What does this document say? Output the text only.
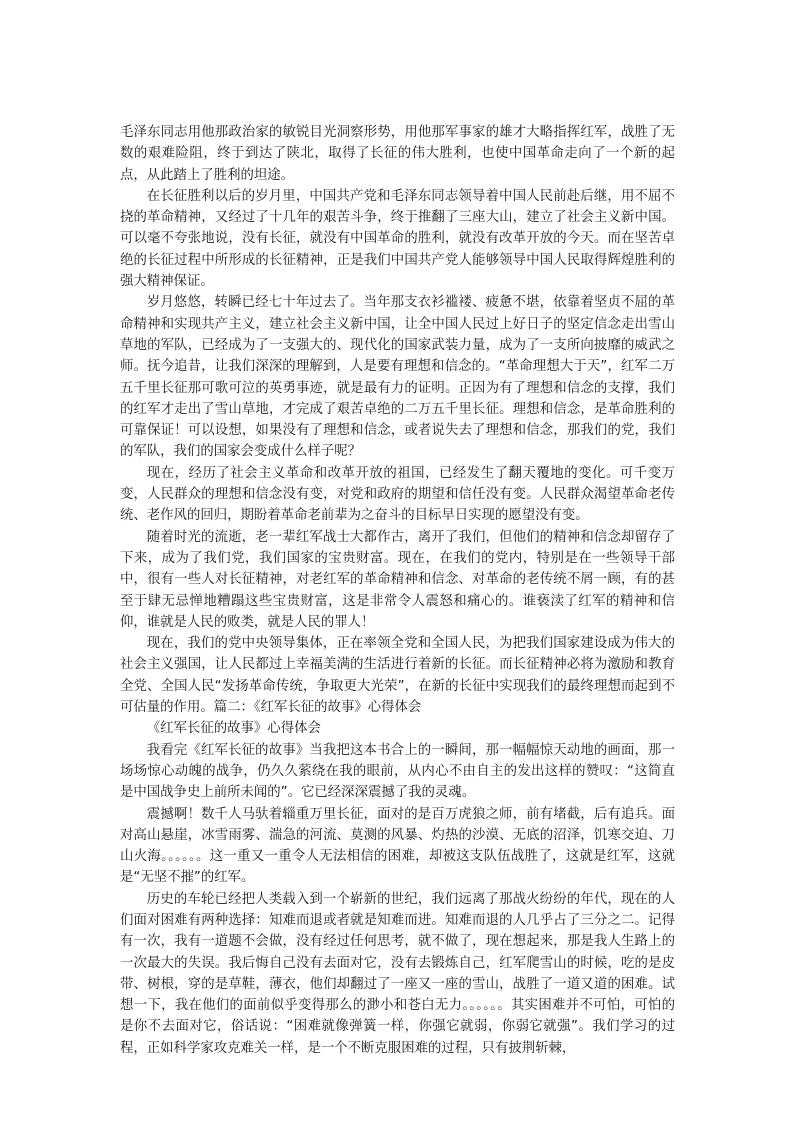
毛泽东同志用他那政治家的敏锐目光洞察形势，用他那军事家的雄才大略指挥红军，战胜了无数的艰难险阻，终于到达了陕北，取得了长征的伟大胜利，也使中国革命走向了一个新的起点，从此踏上了胜利的坦途。

在长征胜利以后的岁月里，中国共产党和毛泽东同志领导着中国人民前赴后继，用不屈不挠的革命精神，又经过了十几年的艰苦斗争，终于推翻了三座大山，建立了社会主义新中国。可以毫不夸张地说，没有长征，就没有中国革命的胜利，就没有改革开放的今天。而在坚苦卓绝的长征过程中所形成的长征精神，正是我们中国共产党人能够领导中国人民取得辉煌胜利的强大精神保证。

岁月悠悠，转瞬已经七十年过去了。当年那支衣衫褴褛、疲惫不堪，依靠着坚贞不屈的革命精神和实现共产主义，建立社会主义新中国，让全中国人民过上好日子的坚定信念走出雪山草地的军队，已经成为了一支强大的、现代化的国家武装力量，成为了一支所向披靡的威武之师。抚今追昔，让我们深深的理解到，人是要有理想和信念的。“革命理想大于天”，红军二万五千里长征那可歌可泣的英勇事迹，就是最有力的证明。正因为有了理想和信念的支撑，我们的红军才走出了雪山草地，才完成了艰苦卓绝的二万五千里长征。理想和信念，是革命胜利的可靠保证！可以设想，如果没有了理想和信念，或者说失去了理想和信念，那我们的党，我们的军队，我们的国家会变成什么样子呢？

现在，经历了社会主义革命和改革开放的祖国，已经发生了翻天覆地的变化。可千变万变，人民群众的理想和信念没有变，对党和政府的期望和信任没有变。人民群众渴望革命老传统、老作风的回归，期盼着革命老前辈为之奋斗的目标早日实现的愿望没有变。

随着时光的流逝，老一辈红军战士大都作古，离开了我们，但他们的精神和信念却留存了下来，成为了我们党，我们国家的宝贵财富。现在，在我们的党内，特别是在一些领导干部中，很有一些人对长征精神，对老红军的革命精神和信念、对革命的老传统不屑一顾，有的甚至于肆无忌惮地糟蹋这些宝贵财富，这是非常令人震怒和痛心的。谁亵渎了红军的精神和信仰，谁就是人民的败类，就是人民的罪人！

现在，我们的党中央领导集体，正在率领全党和全国人民，为把我们国家建设成为伟大的社会主义强国，让人民都过上幸福美满的生活进行着新的长征。而长征精神必将为激励和教育全党、全国人民“发扬革命传统，争取更大光荣”，在新的长征中实现我们的最终理想而起到不可估量的作用。篇二：《红军长征的故事》心得体会

《红军长征的故事》心得体会

我看完《红军长征的故事》当我把这本书合上的一瞬间，那一幅幅惊天动地的画面，那一场场惊心动魄的战争，仍久久萦绕在我的眼前，从内心不由自主的发出这样的赞叹：“这简直是中国战争史上前所未闻的”。它已经深深震撼了我的灵魂。

震撼啊！数千人马驮着辎重万里长征，面对的是百万虎狼之师，前有堵截，后有追兵。面对高山悬崖，冰雪雨雾、湍急的河流、莫测的风暴、灼热的沙漠、无底的沼泽，饥寒交迫、刀山火海。。。。。。这一重又一重令人无法相信的困难，却被这支队伍战胜了，这就是红军，这就是“无坚不摧”的红军。

历史的车轮已经把人类载入到一个崭新的世纪，我们远离了那战火纷纷的年代，现在的人们面对困难有两种选择：知难而退或者就是知难而进。知难而退的人几乎占了三分之二。记得有一次，我有一道题不会做，没有经过任何思考，就不做了，现在想起来，那是我人生路上的一次最大的失误。我后悔自己没有去面对它，没有去锻炼自己，红军爬雪山的时候，吃的是皮带、树根，穿的是草鞋，薄衣，他们却翻过了一座又一座的雪山，战胜了一道又道的困难。试想一下，我在他们的面前似乎变得那么的渺小和苍白无力。。。。。。其实困难并不可怕，可怕的是你不去面对它，俗话说：“困难就像弹簧一样，你强它就弱，你弱它就强”。我们学习的过程，正如科学家攻克难关一样，是一个不断克服困难的过程，只有披荆斩棘，
